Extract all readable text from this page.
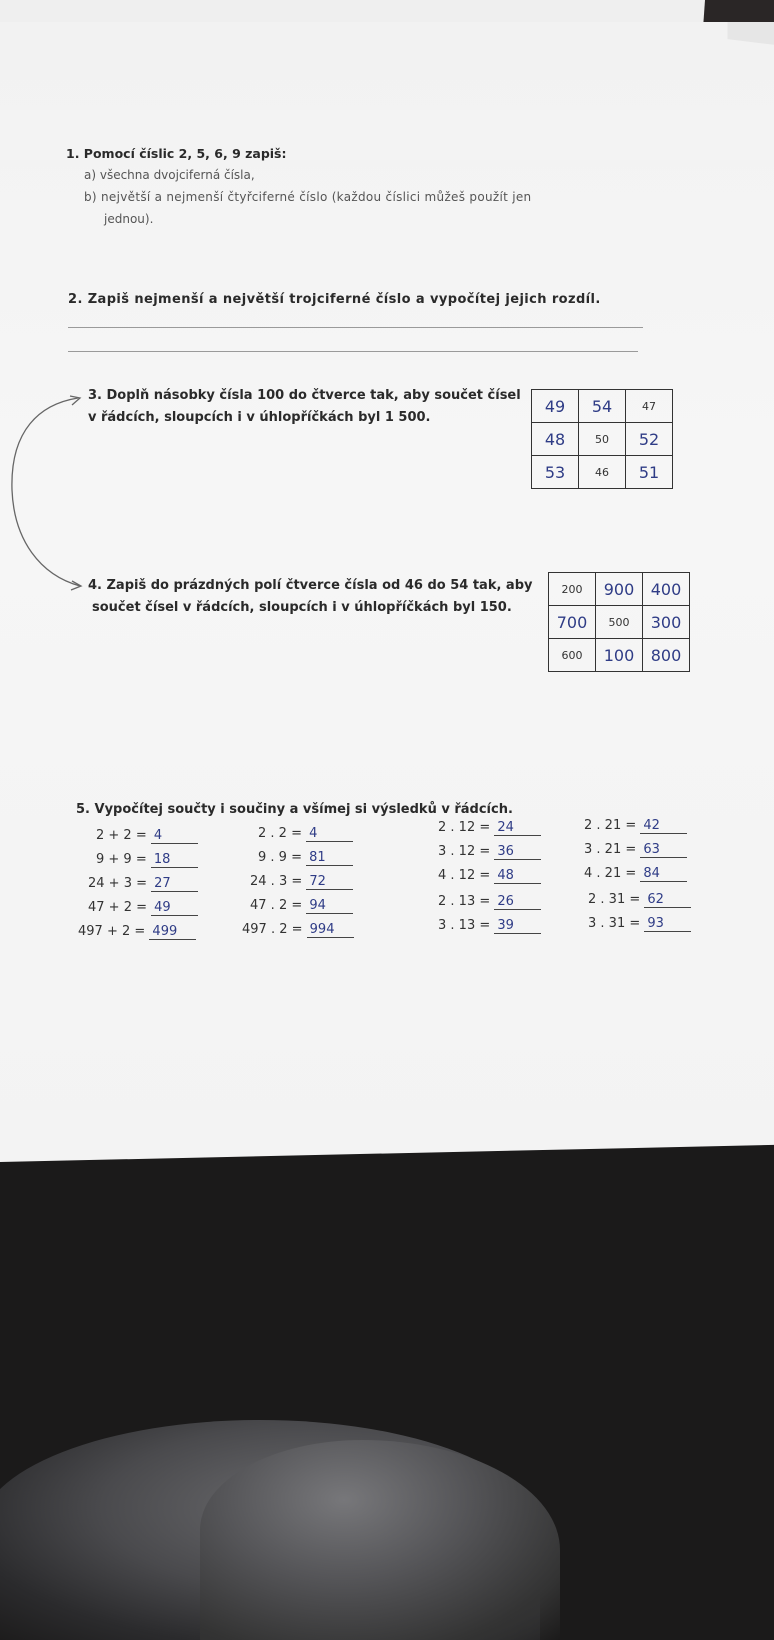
1. Pomocí číslic 2, 5, 6, 9 zapiš:
a) všechna dvojciferná čísla,
b) největší a nejmenší čtyřciferné číslo (každou číslici můžeš použít jen
jednou).
2. Zapiš nejmenší a největší trojciferné číslo a vypočítej jejich rozdíl.
3. Doplň násobky čísla 100 do čtverce tak, aby součet čísel
v řádcích, sloupcích i v úhlopříčkách byl 1 500.
49	54	47
48	50	52
53	46	51
4. Zapiš do prázdných polí čtverce čísla od 46 do 54 tak, aby
součet čísel v řádcích, sloupcích i v úhlopříčkách byl 150.
200	900	400
700	500	300
600	100	800
5. Vypočítej součty i součiny a všímej si výsledků v řádcích.
2 + 2 = 4
9 + 9 = 18
24 + 3 = 27
47 + 2 = 49
497 + 2 = 499
2 . 2 = 4
9 . 9 = 81
24 . 3 = 72
47 . 2 = 94
497 . 2 = 994
2 . 12 = 24
3 . 12 = 36
4 . 12 = 48
2 . 13 = 26
3 . 13 = 39
2 . 21 = 42
3 . 21 = 63
4 . 21 = 84
2 . 31 = 62
3 . 31 = 93
